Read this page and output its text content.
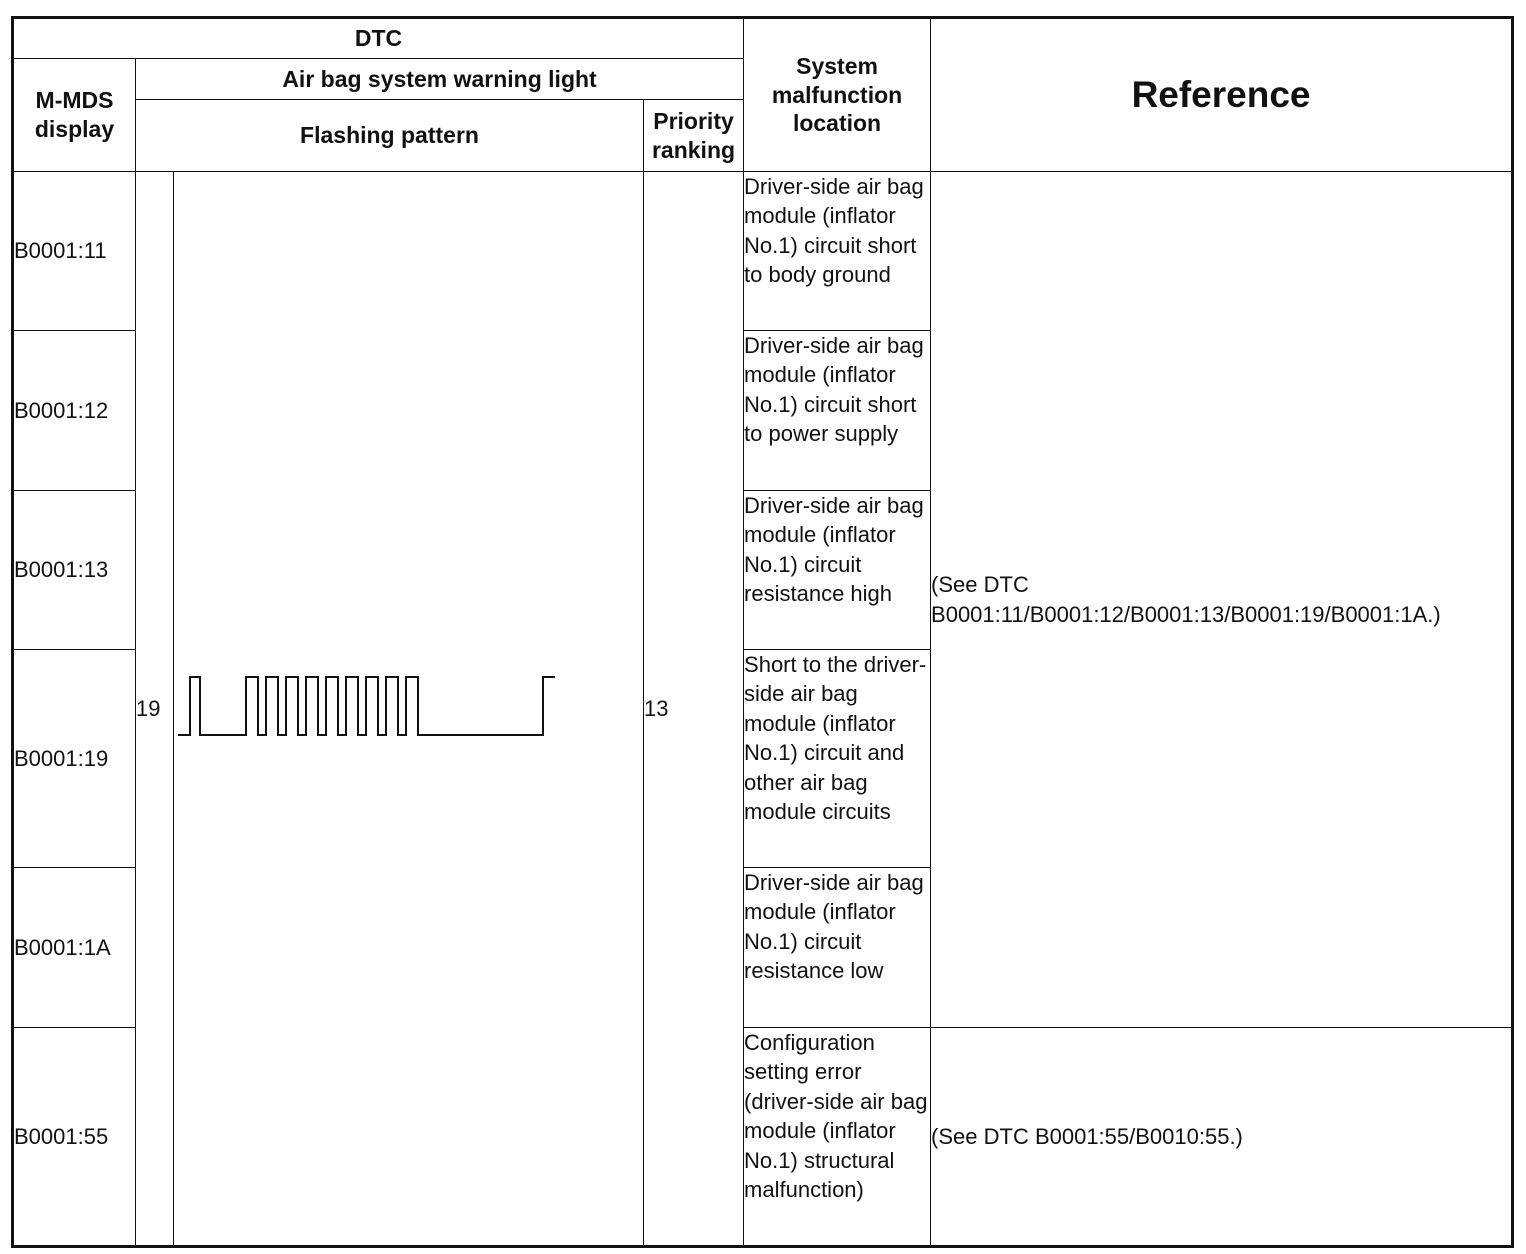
DTC				System
malfunction
location	Reference
M-MDS
display	Air bag system warning light				
	Flashing pattern		Priority
ranking		
B0001:11	19		13	Driver-side air bag module (inflator No.1) circuit short to body ground	(See DTC B0001:11/B0001:12/B0001:13/B0001:19/B0001:1A.)
B0001:12				Driver-side air bag module (inflator No.1) circuit short to power supply	
B0001:13				Driver-side air bag module (inflator No.1) circuit resistance high	
B0001:19				Short to the driver-side air bag module (inflator No.1) circuit and other air bag module circuits	
B0001:1A				Driver-side air bag module (inflator No.1) circuit resistance low	
B0001:55				Configuration setting error (driver-side air bag module (inflator No.1) structural malfunction)	(See DTC B0001:55/B0010:55.)
